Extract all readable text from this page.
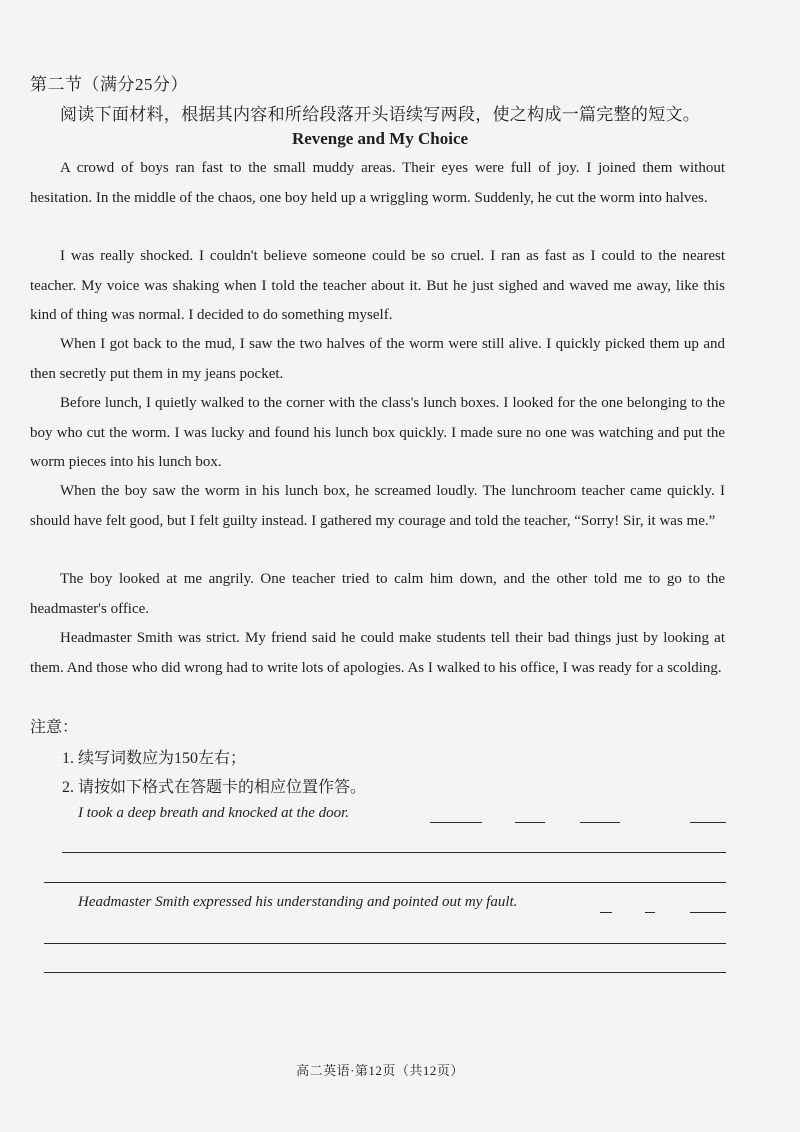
第二节（满分25分）
阅读下面材料，根据其内容和所给段落开头语续写两段，使之构成一篇完整的短文。
Revenge and My Choice

A crowd of boys ran fast to the small muddy areas. Their eyes were full of joy. I joined them without hesitation. In the middle of the chaos, one boy held up a wriggling worm. Suddenly, he cut the worm into halves.

I was really shocked. I couldn't believe someone could be so cruel. I ran as fast as I could to the nearest teacher. My voice was shaking when I told the teacher about it. But he just sighed and waved me away, like this kind of thing was normal. I decided to do something myself.

When I got back to the mud, I saw the two halves of the worm were still alive. I quickly picked them up and then secretly put them in my jeans pocket.

Before lunch, I quietly walked to the corner with the class's lunch boxes. I looked for the one belonging to the boy who cut the worm. I was lucky and found his lunch box quickly. I made sure no one was watching and put the worm pieces into his lunch box.

When the boy saw the worm in his lunch box, he screamed loudly. The lunchroom teacher came quickly. I should have felt good, but I felt guilty instead. I gathered my courage and told the teacher, “Sorry! Sir, it was me.”

The boy looked at me angrily. One teacher tried to calm him down, and the other told me to go to the headmaster's office.

Headmaster Smith was strict. My friend said he could make students tell their bad things just by looking at them. And those who did wrong had to write lots of apologies. As I walked to his office, I was ready for a scolding.

注意：
1. 续写词数应为150左右；
2. 请按如下格式在答题卡的相应位置作答。
I took a deep breath and knocked at the door.
Headmaster Smith expressed his understanding and pointed out my fault.
高二英语·第12页（共12页）
